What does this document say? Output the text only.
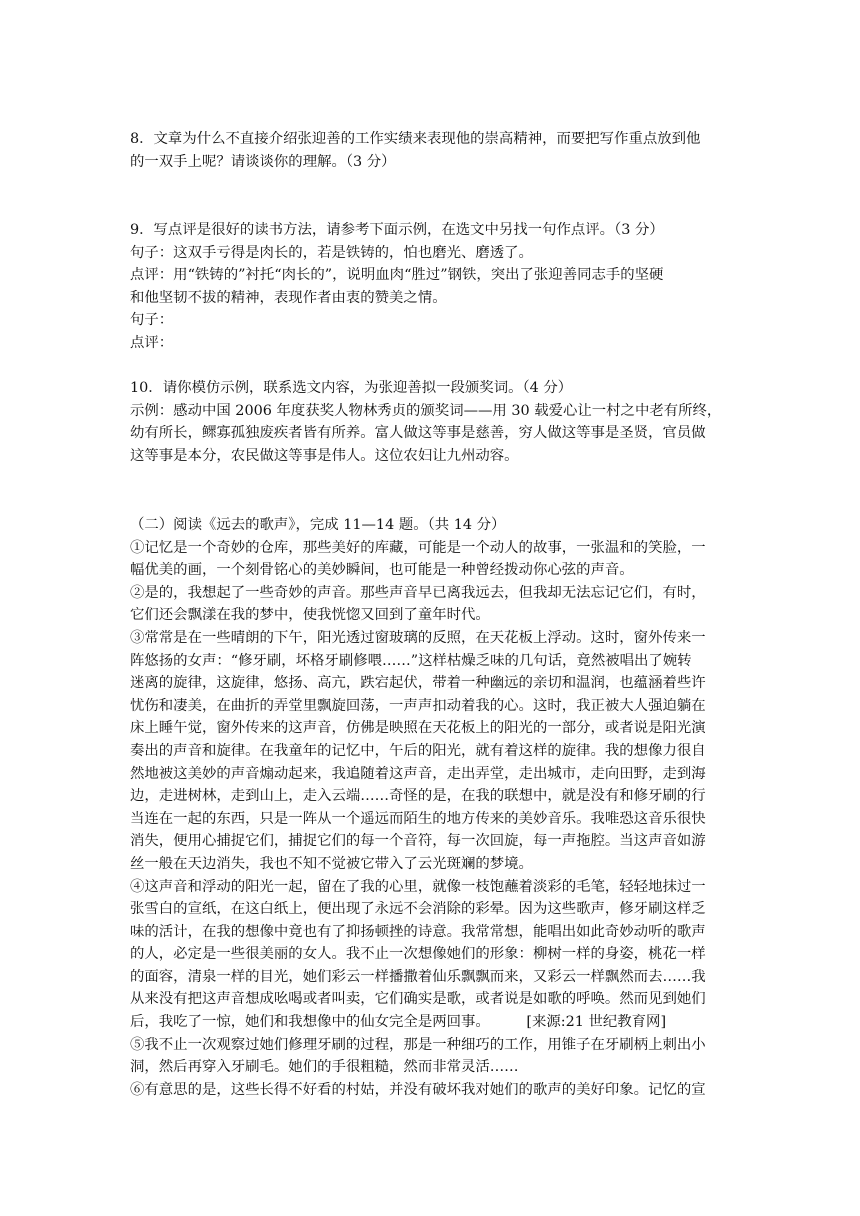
8．文章为什么不直接介绍张迎善的工作实绩来表现他的崇高精神，而要把写作重点放到他

的一双手上呢？请谈谈你的理解。（3 分）

9．写点评是很好的读书方法，请参考下面示例，在选文中另找一句作点评。（3 分）

句子：这双手亏得是肉长的，若是铁铸的，怕也磨光、磨透了。

点评：用“铁铸的”衬托“肉长的”，说明血肉“胜过”钢铁，突出了张迎善同志手的坚硬

和他坚韧不拔的精神，表现作者由衷的赞美之情。

句子：

点评：

10．请你模仿示例，联系选文内容，为张迎善拟一段颁奖词。（4 分）

示例：感动中国 2006 年度获奖人物林秀贞的颁奖词——用 30 载爱心让一村之中老有所终，

幼有所长，鳏寡孤独废疾者皆有所养。富人做这等事是慈善，穷人做这等事是圣贤，官员做

这等事是本分，农民做这等事是伟人。这位农妇让九州动容。

（二）阅读《远去的歌声》，完成 11—14 题。（共 14 分）

①记忆是一个奇妙的仓库，那些美好的库藏，可能是一个动人的故事，一张温和的笑脸，一

幅优美的画，一个刻骨铭心的美妙瞬间，也可能是一种曾经拨动你心弦的声音。

②是的，我想起了一些奇妙的声音。那些声音早已离我远去，但我却无法忘记它们，有时，

它们还会飘漾在我的梦中，使我恍惚又回到了童年时代。

③常常是在一些晴朗的下午，阳光透过窗玻璃的反照，在天花板上浮动。这时，窗外传来一

阵悠扬的女声：“修牙刷，坏格牙刷修喂……”这样枯燥乏味的几句话，竟然被唱出了婉转

迷离的旋律，这旋律，悠扬、高亢，跌宕起伏，带着一种幽远的亲切和温润，也蕴涵着些许

忧伤和凄美，在曲折的弄堂里飘旋回荡，一声声扣动着我的心。这时，我正被大人强迫躺在

床上睡午觉，窗外传来的这声音，仿佛是映照在天花板上的阳光的一部分，或者说是阳光演

奏出的声音和旋律。在我童年的记忆中，午后的阳光，就有着这样的旋律。我的想像力很自

然地被这美妙的声音煽动起来，我追随着这声音，走出弄堂，走出城市，走向田野，走到海

边，走进树林，走到山上，走入云端……奇怪的是，在我的联想中，就是没有和修牙刷的行

当连在一起的东西，只是一阵从一个遥远而陌生的地方传来的美妙音乐。我唯恐这音乐很快

消失，便用心捕捉它们，捕捉它们的每一个音符，每一次回旋，每一声拖腔。当这声音如游

丝一般在天边消失，我也不知不觉被它带入了云光斑斓的梦境。

④这声音和浮动的阳光一起，留在了我的心里，就像一枝饱蘸着淡彩的毛笔，轻轻地抹过一

张雪白的宣纸，在这白纸上，便出现了永远不会消除的彩晕。因为这些歌声，修牙刷这样乏

味的活计，在我的想像中竟也有了抑扬顿挫的诗意。我常常想，能唱出如此奇妙动听的歌声

的人，必定是一些很美丽的女人。我不止一次想像她们的形象：柳树一样的身姿，桃花一样

的面容，清泉一样的目光，她们彩云一样播撒着仙乐飘飘而来，又彩云一样飘然而去……我

从来没有把这声音想成吆喝或者叫卖，它们确实是歌，或者说是如歌的呼唤。然而见到她们

后，我吃了一惊，她们和我想像中的仙女完全是两回事。        [来源:21 世纪教育网]

⑤我不止一次观察过她们修理牙刷的过程，那是一种细巧的工作，用锥子在牙刷柄上刺出小

洞，然后再穿入牙刷毛。她们的手很粗糙，然而非常灵活……

⑥有意思的是，这些长得不好看的村姑，并没有破坏我对她们的歌声的美好印象。记忆的宣
